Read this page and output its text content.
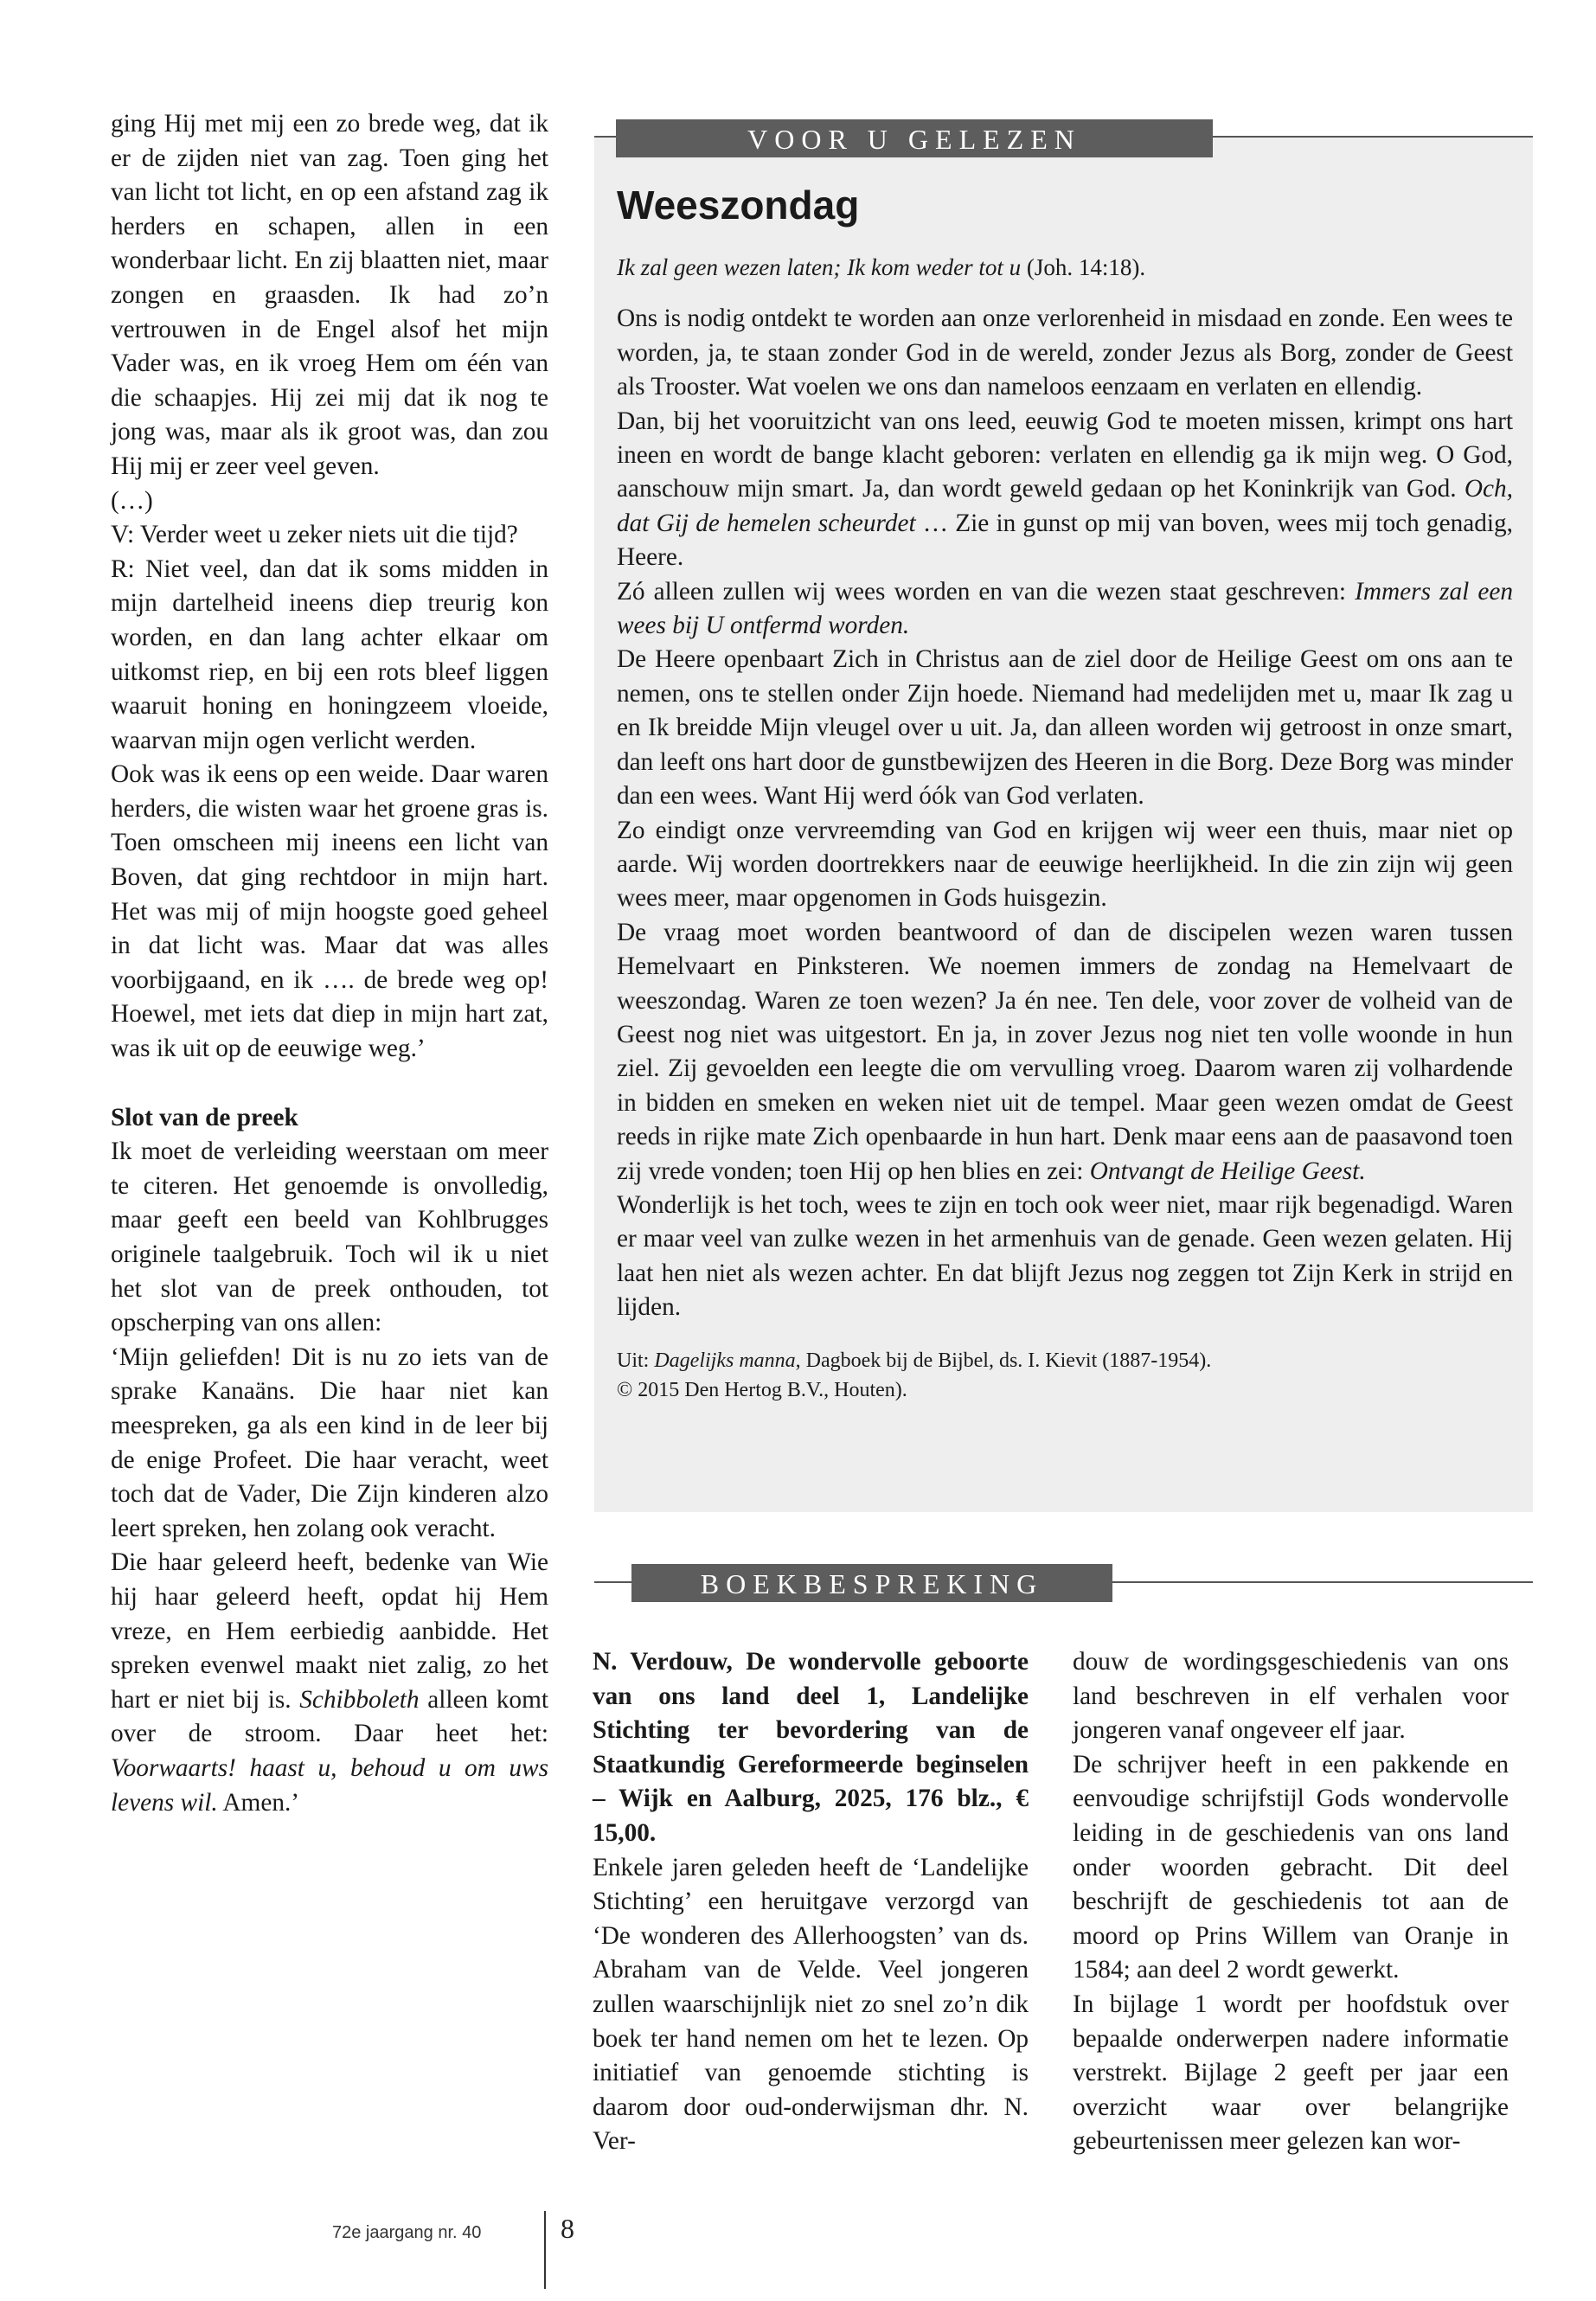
ging Hij met mij een zo brede weg, dat ik er de zijden niet van zag. Toen ging het van licht tot licht, en op een afstand zag ik herders en schapen, allen in een wonderbaar licht. En zij blaatten niet, maar zongen en graasden. Ik had zo’n vertrouwen in de Engel alsof het mijn Vader was, en ik vroeg Hem om één van die schaapjes. Hij zei mij dat ik nog te jong was, maar als ik groot was, dan zou Hij mij er zeer veel geven.

(…)

V: Verder weet u zeker niets uit die tijd?

R: Niet veel, dan dat ik soms midden in mijn dartelheid ineens diep treurig kon worden, en dan lang achter elkaar om uitkomst riep, en bij een rots bleef liggen waaruit honing en honingzeem vloeide, waarvan mijn ogen verlicht werden.

Ook was ik eens op een weide. Daar waren herders, die wisten waar het groene gras is. Toen omscheen mij ineens een licht van Boven, dat ging rechtdoor in mijn hart. Het was mij of mijn hoogste goed geheel in dat licht was. Maar dat was alles voorbijgaand, en ik …. de brede weg op! Hoewel, met iets dat diep in mijn hart zat, was ik uit op de eeuwige weg.’

Slot van de preek

Ik moet de verleiding weerstaan om meer te citeren. Het genoemde is onvolledig, maar geeft een beeld van Kohlbrugges originele taalgebruik. Toch wil ik u niet het slot van de preek onthouden, tot opscherping van ons allen:

‘Mijn geliefden! Dit is nu zo iets van de sprake Kanaäns. Die haar niet kan meespreken, ga als een kind in de leer bij de enige Profeet. Die haar veracht, weet toch dat de Vader, Die Zijn kinderen alzo leert spreken, hen zolang ook veracht.

Die haar geleerd heeft, bedenke van Wie hij haar geleerd heeft, opdat hij Hem vreze, en Hem eerbiedig aanbidde. Het spreken evenwel maakt niet zalig, zo het hart er niet bij is. Schibboleth alleen komt over de stroom. Daar heet het: Voorwaarts! haast u, behoud u om uws levens wil. Amen.’

VOOR U GELEZEN
Weeszondag

Ik zal geen wezen laten; Ik kom weder tot u (Joh. 14:18).

Ons is nodig ontdekt te worden aan onze verlorenheid in misdaad en zonde. Een wees te worden, ja, te staan zonder God in de wereld, zonder Jezus als Borg, zonder de Geest als Trooster. Wat voelen we ons dan nameloos eenzaam en verlaten en ellendig.

Dan, bij het vooruitzicht van ons leed, eeuwig God te moeten missen, krimpt ons hart ineen en wordt de bange klacht geboren: verlaten en ellendig ga ik mijn weg. O God, aanschouw mijn smart. Ja, dan wordt geweld gedaan op het Koninkrijk van God. Och, dat Gij de hemelen scheurdet … Zie in gunst op mij van boven, wees mij toch genadig, Heere.

Zó alleen zullen wij wees worden en van die wezen staat geschreven: Immers zal een wees bij U ontfermd worden.

De Heere openbaart Zich in Christus aan de ziel door de Heilige Geest om ons aan te nemen, ons te stellen onder Zijn hoede. Niemand had medelijden met u, maar Ik zag u en Ik breidde Mijn vleugel over u uit. Ja, dan alleen worden wij getroost in onze smart, dan leeft ons hart door de gunstbewijzen des Heeren in die Borg. Deze Borg was minder dan een wees. Want Hij werd óók van God verlaten.

Zo eindigt onze vervreemding van God en krijgen wij weer een thuis, maar niet op aarde. Wij worden doortrekkers naar de eeuwige heerlijkheid. In die zin zijn wij geen wees meer, maar opgenomen in Gods huisgezin.

De vraag moet worden beantwoord of dan de discipelen wezen waren tussen Hemelvaart en Pinksteren. We noemen immers de zondag na Hemelvaart de weeszondag. Waren ze toen wezen? Ja én nee. Ten dele, voor zover de volheid van de Geest nog niet was uitgestort. En ja, in zover Jezus nog niet ten volle woonde in hun ziel. Zij gevoelden een leegte die om vervulling vroeg. Daarom waren zij volhardende in bidden en smeken en weken niet uit de tempel. Maar geen wezen omdat de Geest reeds in rijke mate Zich openbaarde in hun hart. Denk maar eens aan de paasavond toen zij vrede vonden; toen Hij op hen blies en zei: Ontvangt de Heilige Geest.

Wonderlijk is het toch, wees te zijn en toch ook weer niet, maar rijk begenadigd. Waren er maar veel van zulke wezen in het armenhuis van de genade. Geen wezen gelaten. Hij laat hen niet als wezen achter. En dat blijft Jezus nog zeggen tot Zijn Kerk in strijd en lijden.

Uit: Dagelijks manna, Dagboek bij de Bijbel, ds. I. Kievit (1887-1954).
© 2015 Den Hertog B.V., Houten).

BOEKBESPREKING

N. Verdouw, De wondervolle geboorte van ons land deel 1, Landelijke Stichting ter bevordering van de Staatkundig Gereformeerde beginselen – Wijk en Aalburg, 2025, 176 blz., € 15,00.

Enkele jaren geleden heeft de ‘Landelijke Stichting’ een heruitgave verzorgd van ‘De wonderen des Allerhoogsten’ van ds. Abraham van de Velde. Veel jongeren zullen waarschijnlijk niet zo snel zo’n dik boek ter hand nemen om het te lezen. Op initiatief van genoemde stichting is daarom door oud-onderwijsman dhr. N. Ver-

douw de wordingsgeschiedenis van ons land beschreven in elf verhalen voor jongeren vanaf ongeveer elf jaar.

De schrijver heeft in een pakkende en eenvoudige schrijfstijl Gods wondervolle leiding in de geschiedenis van ons land onder woorden gebracht. Dit deel beschrijft de geschiedenis tot aan de moord op Prins Willem van Oranje in 1584; aan deel 2 wordt gewerkt.

In bijlage 1 wordt per hoofdstuk over bepaalde onderwerpen nadere informatie verstrekt. Bijlage 2 geeft per jaar een overzicht waar over belangrijke gebeurtenissen meer gelezen kan wor-

72e jaargang nr. 40	8
